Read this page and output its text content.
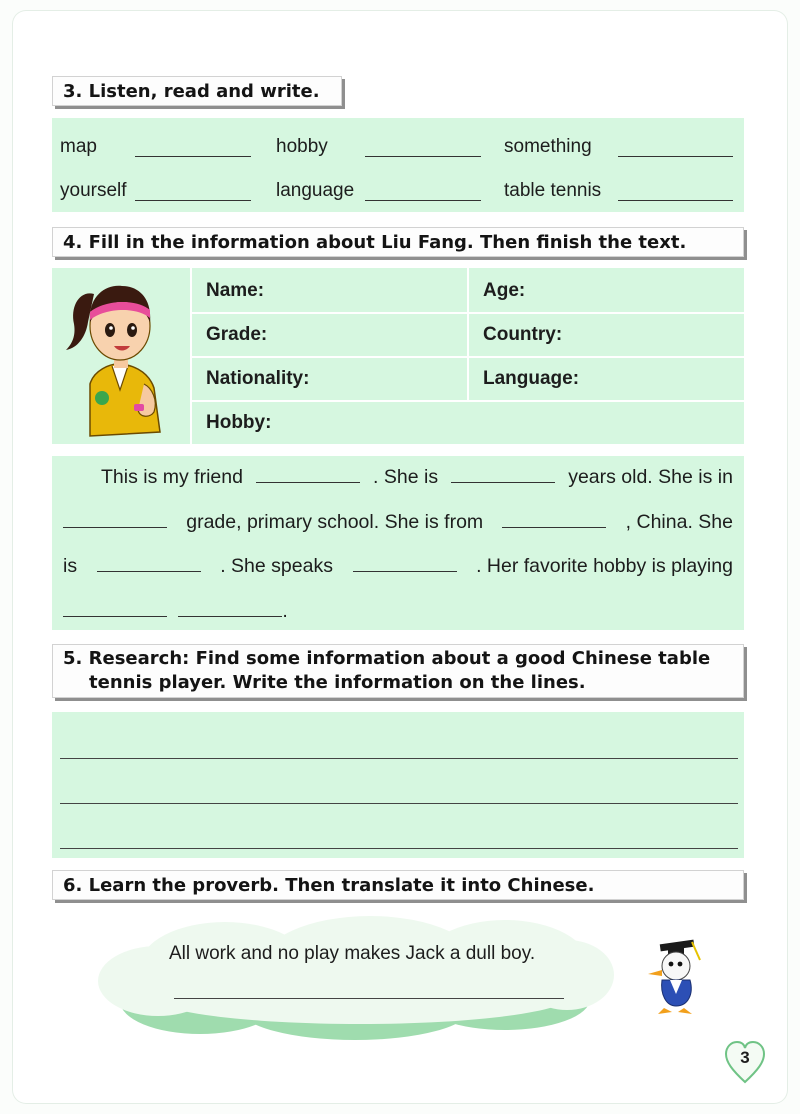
3. Listen, read and write.
map	hobby	something
yourself	language	table tennis
4. Fill in the information about Liu Fang. Then finish the text.
Name:	Age:
Grade:	Country:
Nationality:	Language:
Hobby:
This is my friend	. She is	years old. She is in
grade, primary school. She is from	, China. She
is	. She speaks	. Her favorite hobby is playing
.
5. Research: Find some information about a good Chinese table
tennis player. Write the information on the lines.
6. Learn the proverb. Then translate it into Chinese.
All work and no play makes Jack a dull boy.
3
